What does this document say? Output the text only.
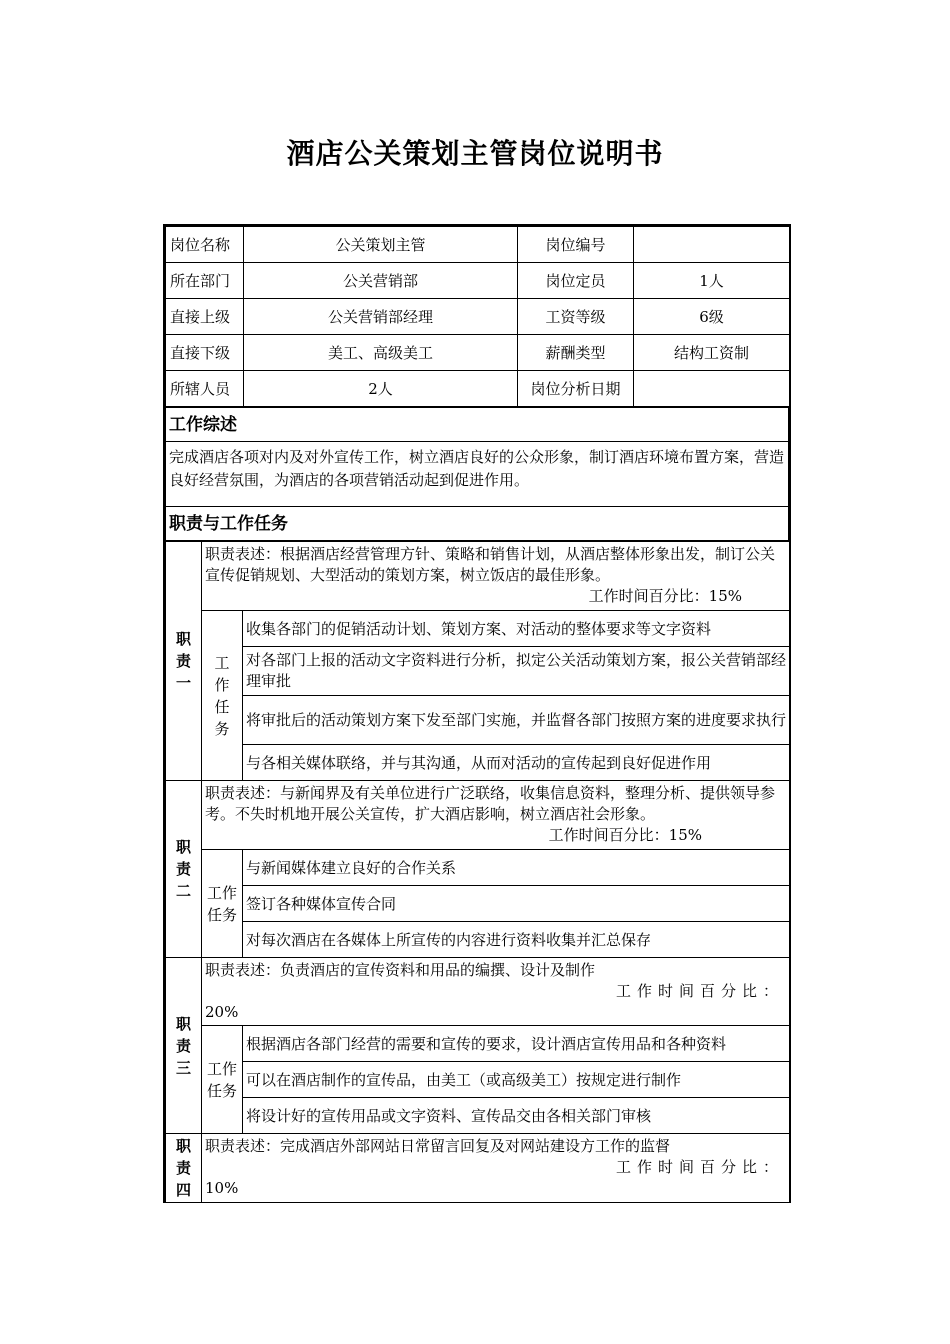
酒店公关策划主管岗位说明书
岗位名称	公关策划主管	岗位编号	
所在部门	公关营销部	岗位定员	1人
直接上级	公关营销部经理	工资等级	6级
直接下级	美工、高级美工	薪酬类型	结构工资制
所辖人员	2人	岗位分析日期	
工作综述
完成酒店各项对内及对外宣传工作，树立酒店良好的公众形象，制订酒店环境布置方案，营造良好经营氛围，为酒店的各项营销活动起到促进作用。
职责与工作任务
职责一	职责表述：根据酒店经营管理方针、策略和销售计划，从酒店整体形象出发，制订公关宣传促销规划、大型活动的策划方案，树立饭店的最佳形象。
工作时间百分比：15%	

	工作任务	收集各部门的促销活动计划、策划方案、对活动的整体要求等文字资料
		对各部门上报的活动文字资料进行分析，拟定公关活动策划方案，报公关营销部经理审批
		将审批后的活动策划方案下发至部门实施，并监督各部门按照方案的进度要求执行
		与各相关媒体联络，并与其沟通，从而对活动的宣传起到良好促进作用
职责二	职责表述：与新闻界及有关单位进行广泛联络，收集信息资料，整理分析、提供领导参考。不失时机地开展公关宣传，扩大酒店影响，树立酒店社会形象。
工作时间百分比：15%	

	工作任务	与新闻媒体建立良好的合作关系
		签订各种媒体宣传合同
		对每次酒店在各媒体上所宣传的内容进行资料收集并汇总保存
职责三	职责表述：负责酒店的宣传资料和用品的编撰、设计及制作
工作时间百分比：
20%	

	工作任务	根据酒店各部门经营的需要和宣传的要求，设计酒店宣传用品和各种资料
		可以在酒店制作的宣传品，由美工（或高级美工）按规定进行制作
		将设计好的宣传用品或文字资料、宣传品交由各相关部门审核
职责四	职责表述：完成酒店外部网站日常留言回复及对网站建设方工作的监督
工作时间百分比：
10%	
